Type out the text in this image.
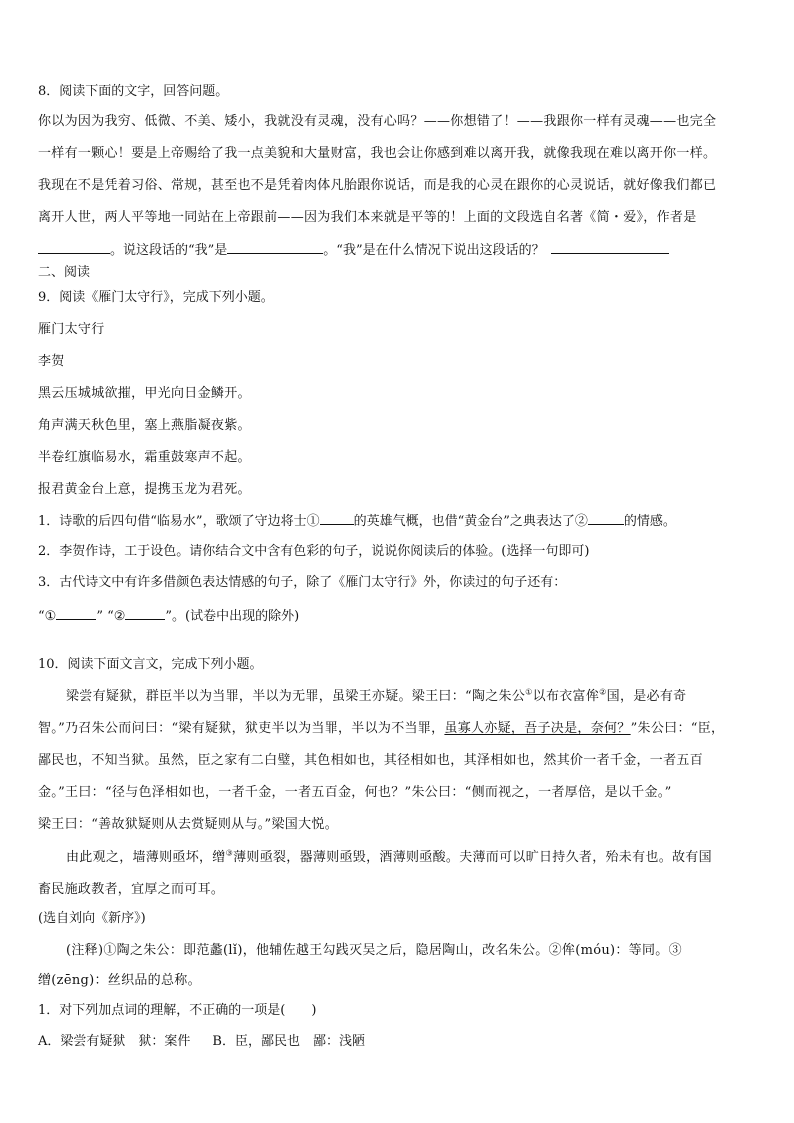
8．阅读下面的文字，回答问题。
你以为因为我穷、低微、不美、矮小，我就没有灵魂，没有心吗？——你想错了！——我跟你一样有灵魂——也完全
一样有一颗心！要是上帝赐给了我一点美貌和大量财富，我也会让你感到难以离开我，就像我现在难以离开你一样。
我现在不是凭着习俗、常规，甚至也不是凭着肉体凡胎跟你说话，而是我的心灵在跟你的心灵说话，就好像我们都已
离开人世，两人平等地一同站在上帝跟前——因为我们本来就是平等的！上面的文段选自名著《简・爱》，作者是
。说这段话的“我”是	。“我”是在什么情况下说出这段话的？
二、阅读
9．阅读《雁门太守行》，完成下列小题。
雁门太守行
李贺
黑云压城城欲摧，甲光向日金鳞开。
角声满天秋色里，塞上燕脂凝夜紫。
半卷红旗临易水，霜重鼓寒声不起。
报君黄金台上意，提携玉龙为君死。
1．诗歌的后四句借“临易水”，歌颂了守边将士①	的英雄气概，也借“黄金台”之典表达了②	的情感。
2．李贺作诗，工于设色。请你结合文中含有色彩的句子，说说你阅读后的体验。(选择一句即可)
3．古代诗文中有许多借颜色表达情感的句子，除了《雁门太守行》外，你读过的句子还有：
“①	” “②	”。(试卷中出现的除外)
10．阅读下面文言文，完成下列小题。
梁尝有疑狱，群臣半以为当罪，半以为无罪，虽梁王亦疑。梁王曰：“陶之朱公①以布衣富侔②国，是必有奇
智。”乃召朱公而问曰：“梁有疑狱，狱吏半以为当罪，半以为不当罪，虽寡人亦疑，吾子决是，奈何？”朱公曰：“臣，
鄙民也，不知当狱。虽然，臣之家有二白璧，其色相如也，其径相如也，其泽相如也，然其价一者千金，一者五百
金。”王曰：“径与色泽相如也，一者千金，一者五百金，何也？”朱公曰：“侧而视之，一者厚倍，是以千金。”
梁王曰：“善故狱疑则从去赏疑则从与。”梁国大悦。
由此观之，墙薄则亟坏，缯③薄则亟裂，器薄则亟毁，酒薄则亟酸。夫薄而可以旷日持久者，殆未有也。故有国
畜民施政教者，宜厚之而可耳。
(选自刘向《新序》)
(注释)①陶之朱公：即范蠡(lǐ)，他辅佐越王勾践灭吴之后，隐居陶山，改名朱公。②侔(móu)：等同。③
缯(zēng)：丝织品的总称。
1．对下列加点词的理解，不正确的一项是(　　)
A．梁尝有疑狱　狱：案件 B．臣，鄙民也　鄙：浅陋
